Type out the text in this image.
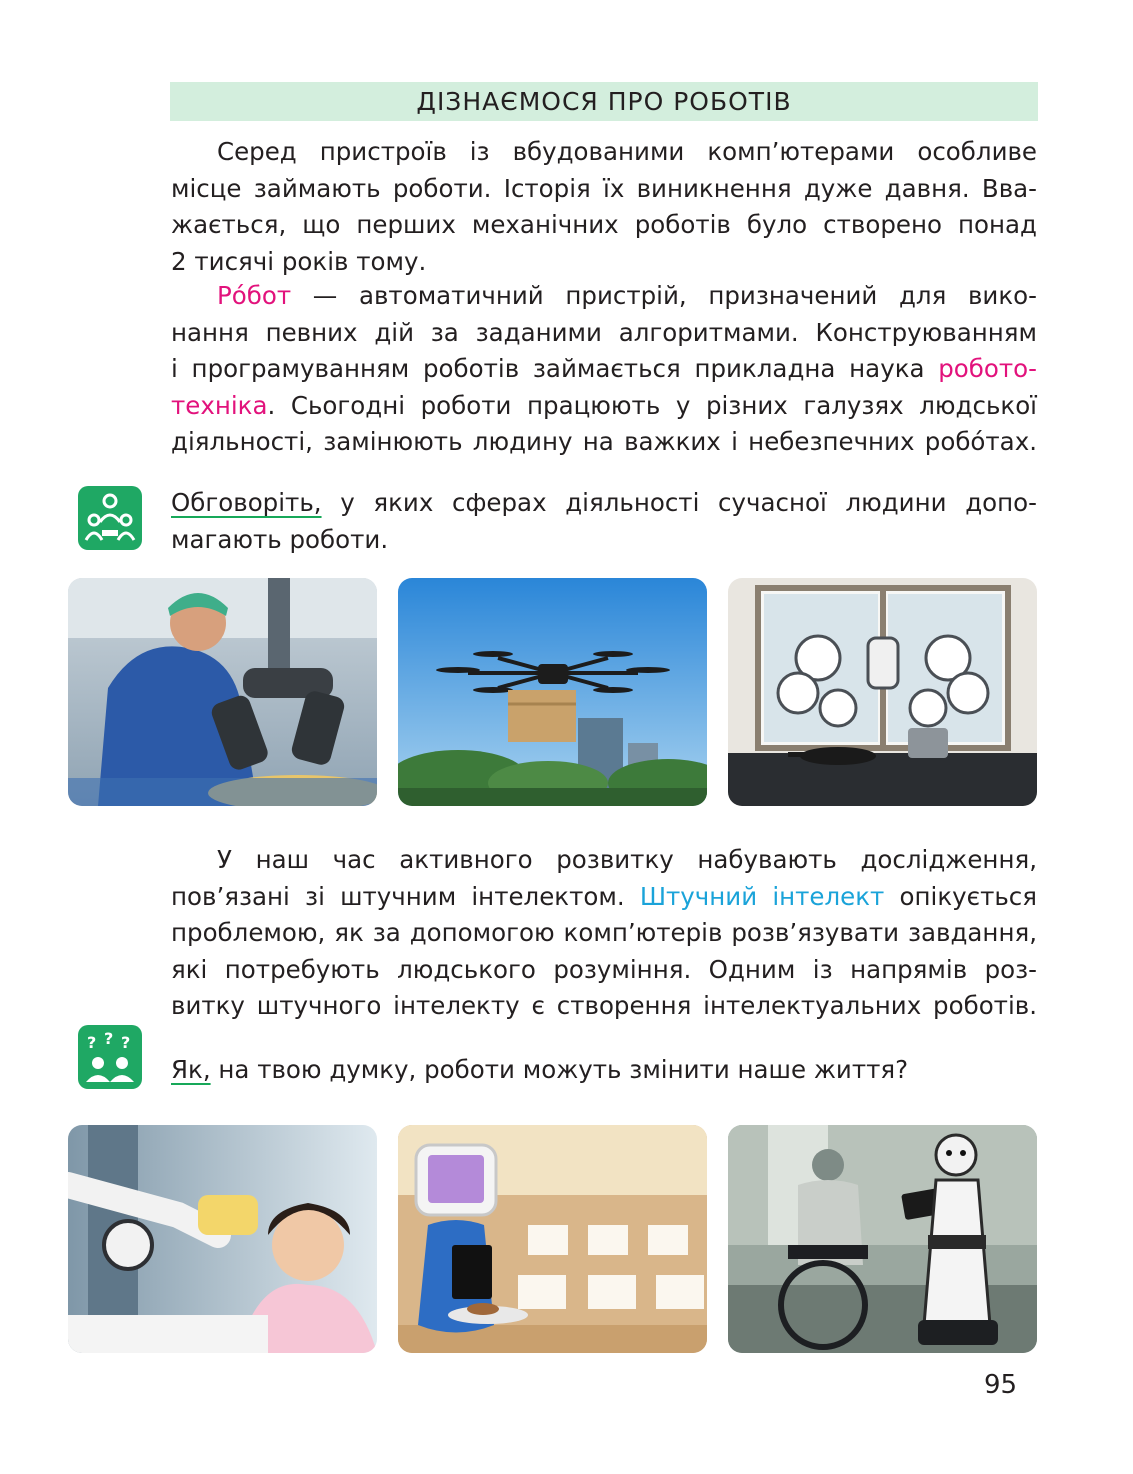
ДІЗНАЄМОСЯ ПРО РОБОТІВ

Серед пристроїв із вбудованими комп’ютерами особливе
місце займають роботи. Історія їх виникнення дуже давня. Вва-
жається, що перших механічних роботів було створено понад
2 тисячі років тому.

Рóбот — автоматичний пристрій, призначений для вико-
нання певних дій за заданими алгоритмами. Конструюванням
і програмуванням роботів займається прикладна наука робото-
техніка. Сьогодні роботи працюють у різних галузях людської
діяльності, замінюють людину на важких і небезпечних робóтах.

Обговоріть, у яких сферах діяльності сучасної людини допо-
магають роботи.

У наш час активного розвитку набувають дослідження,
пов’язані зі штучним інтелектом. Штучний інтелект опікується
проблемою, як за допомогою комп’ютерів розв’язувати завдання,
які потребують людського розуміння. Одним із напрямів роз-
витку штучного інтелекту є створення інтелектуальних роботів.

? ? ?

Як, на твою думку, роботи можуть змінити наше життя?

95
